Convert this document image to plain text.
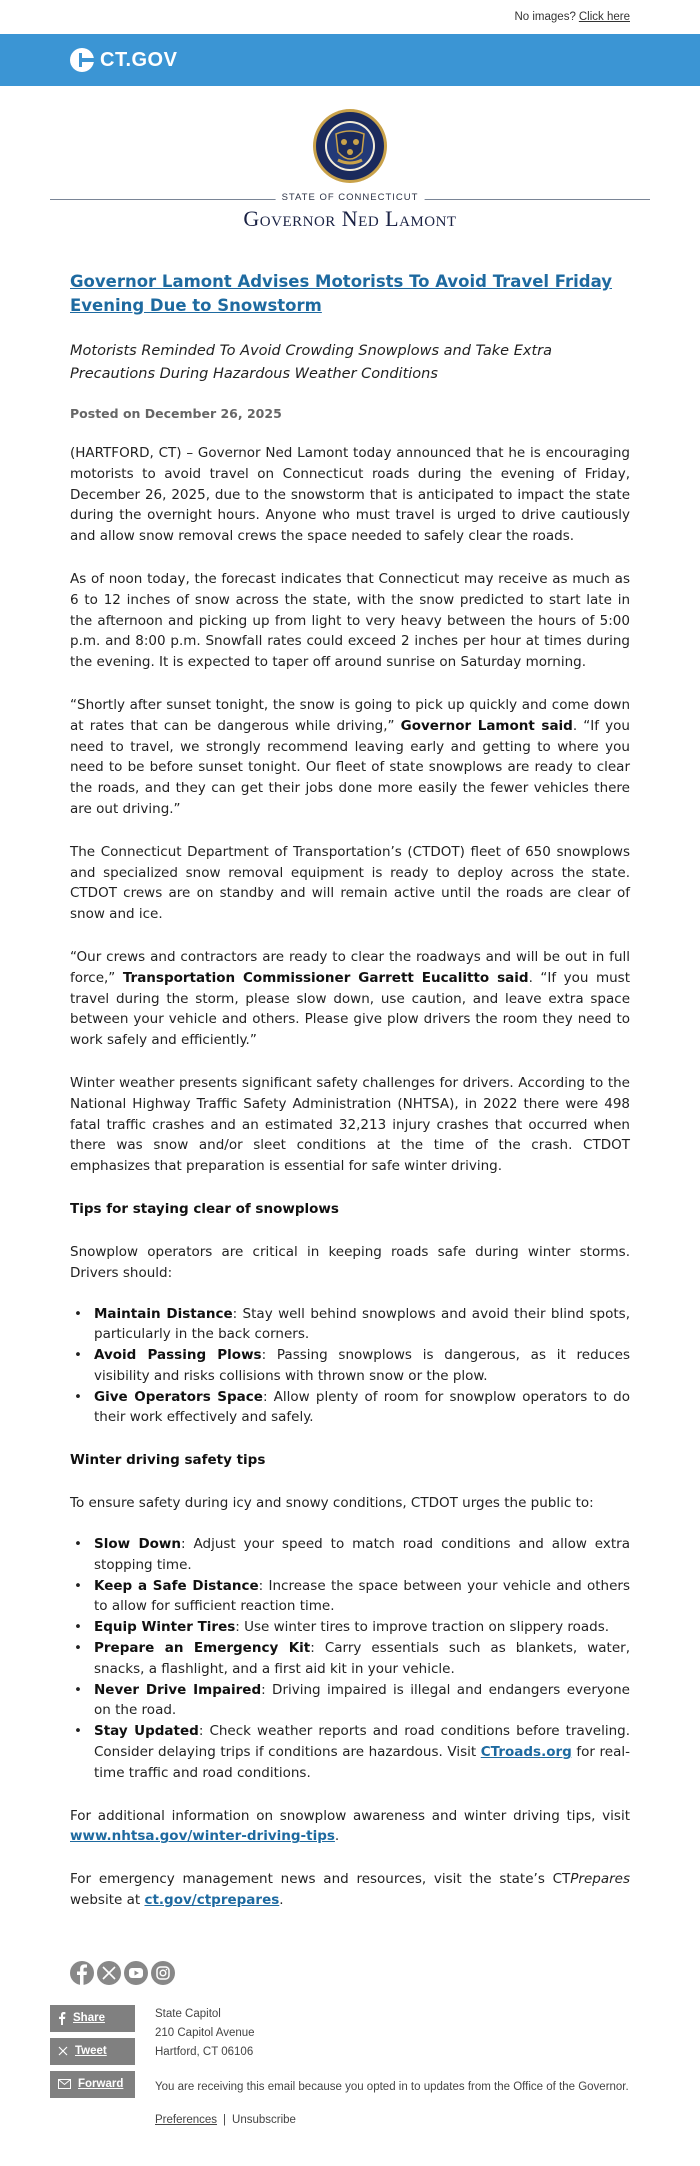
No images? Click here
CT.GOV
STATE OF CONNECTICUT
Governor Ned Lamont
Governor Lamont Advises Motorists To Avoid Travel Friday Evening Due to Snowstorm
Motorists Reminded To Avoid Crowding Snowplows and Take Extra Precautions During Hazardous Weather Conditions
Posted on December 26, 2025

(HARTFORD, CT) – Governor Ned Lamont today announced that he is encouraging motorists to avoid travel on Connecticut roads during the evening of Friday, December 26, 2025, due to the snowstorm that is anticipated to impact the state during the overnight hours. Anyone who must travel is urged to drive cautiously and allow snow removal crews the space needed to safely clear the roads.

As of noon today, the forecast indicates that Connecticut may receive as much as 6 to 12 inches of snow across the state, with the snow predicted to start late in the afternoon and picking up from light to very heavy between the hours of 5:00 p.m. and 8:00 p.m. Snowfall rates could exceed 2 inches per hour at times during the evening. It is expected to taper off around sunrise on Saturday morning.

“Shortly after sunset tonight, the snow is going to pick up quickly and come down at rates that can be dangerous while driving,” Governor Lamont said. “If you need to travel, we strongly recommend leaving early and getting to where you need to be before sunset tonight. Our fleet of state snowplows are ready to clear the roads, and they can get their jobs done more easily the fewer vehicles there are out driving.”

The Connecticut Department of Transportation’s (CTDOT) fleet of 650 snowplows and specialized snow removal equipment is ready to deploy across the state. CTDOT crews are on standby and will remain active until the roads are clear of snow and ice.

“Our crews and contractors are ready to clear the roadways and will be out in full force,” Transportation Commissioner Garrett Eucalitto said. “If you must travel during the storm, please slow down, use caution, and leave extra space between your vehicle and others. Please give plow drivers the room they need to work safely and efficiently.”

Winter weather presents significant safety challenges for drivers. According to the National Highway Traffic Safety Administration (NHTSA), in 2022 there were 498 fatal traffic crashes and an estimated 32,213 injury crashes that occurred when there was snow and/or sleet conditions at the time of the crash. CTDOT emphasizes that preparation is essential for safe winter driving.

Tips for staying clear of snowplows

Snowplow operators are critical in keeping roads safe during winter storms. Drivers should:

• Maintain Distance: Stay well behind snowplows and avoid their blind spots, particularly in the back corners.
• Avoid Passing Plows: Passing snowplows is dangerous, as it reduces visibility and risks collisions with thrown snow or the plow.
• Give Operators Space: Allow plenty of room for snowplow operators to do their work effectively and safely.
Winter driving safety tips

To ensure safety during icy and snowy conditions, CTDOT urges the public to:

• Slow Down: Adjust your speed to match road conditions and allow extra stopping time.
• Keep a Safe Distance: Increase the space between your vehicle and others to allow for sufficient reaction time.
• Equip Winter Tires: Use winter tires to improve traction on slippery roads.
• Prepare an Emergency Kit: Carry essentials such as blankets, water, snacks, a flashlight, and a first aid kit in your vehicle.
• Never Drive Impaired: Driving impaired is illegal and endangers everyone on the road.
• Stay Updated: Check weather reports and road conditions before traveling. Consider delaying trips if conditions are hazardous. Visit CTroads.org for real-time traffic and road conditions.

For additional information on snowplow awareness and winter driving tips, visit www.nhtsa.gov/winter-driving-tips.

For emergency management news and resources, visit the state’s CTPrepares website at ct.gov/ctprepares.

Share
Tweet
Forward
State Capitol
210 Capitol Avenue
Hartford, CT 06106
You are receiving this email because you opted in to updates from the Office of the Governor.
Preferences | Unsubscribe
